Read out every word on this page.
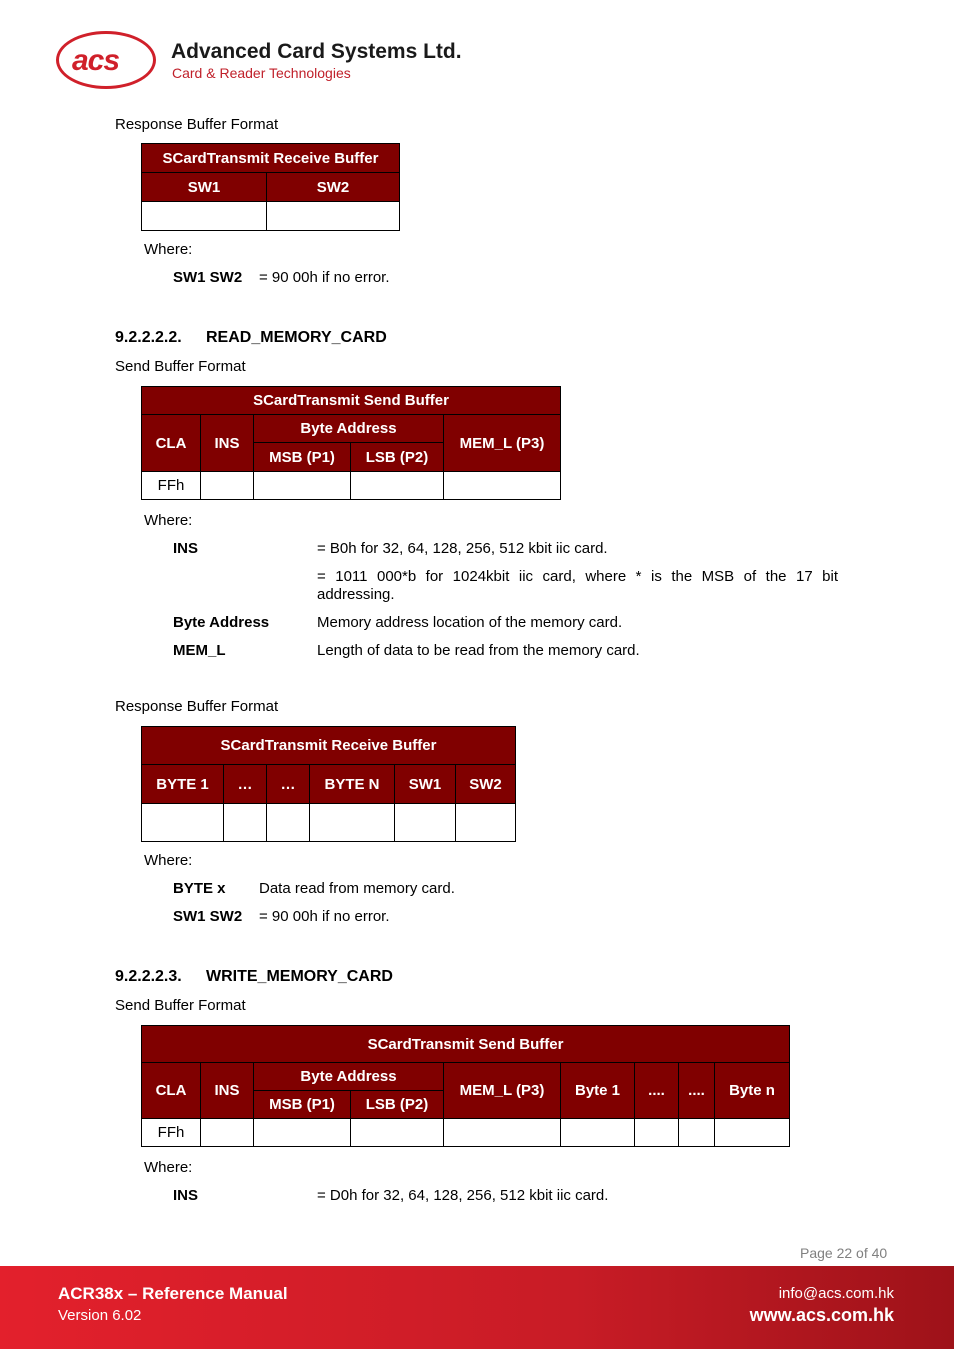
acs Advanced Card Systems Ltd.
Card & Reader Technologies
Response Buffer Format
SCardTransmit Receive Buffer	
SW1	SW2

Where:
SW1 SW2 = 90 00h if no error.
9.2.2.2.2. READ_MEMORY_CARD
Send Buffer Format
SCardTransmit Send Buffer				
CLA	INS	Byte Address		MEM_L (P3)
		MSB (P1)	LSB (P2)	
FFh				
Where:
INS	= B0h for 32, 64, 128, 256, 512 kbit iic card.
= 1011 000*b for 1024kbit iic card, where * is the MSB of the 17 bit addressing.
Byte Address	Memory address location of the memory card.
MEM_L	Length of data to be read from the memory card.
Response Buffer Format
SCardTransmit Receive Buffer					
BYTE 1	…	…	BYTE N	SW1	SW2

Where:
BYTE x Data read from memory card.
SW1 SW2 = 90 00h if no error.
9.2.2.2.3. WRITE_MEMORY_CARD
Send Buffer Format
SCardTransmit Send Buffer								
CLA	INS	Byte Address		MEM_L (P3)	Byte 1	....	....	Byte n
		MSB (P1)	LSB (P2)					
FFh								
Where:
INS	= D0h for 32, 64, 128, 256, 512 kbit iic card.
Page 22 of 40
ACR38x – Reference Manual
Version 6.02
info@acs.com.hk
www.acs.com.hk
